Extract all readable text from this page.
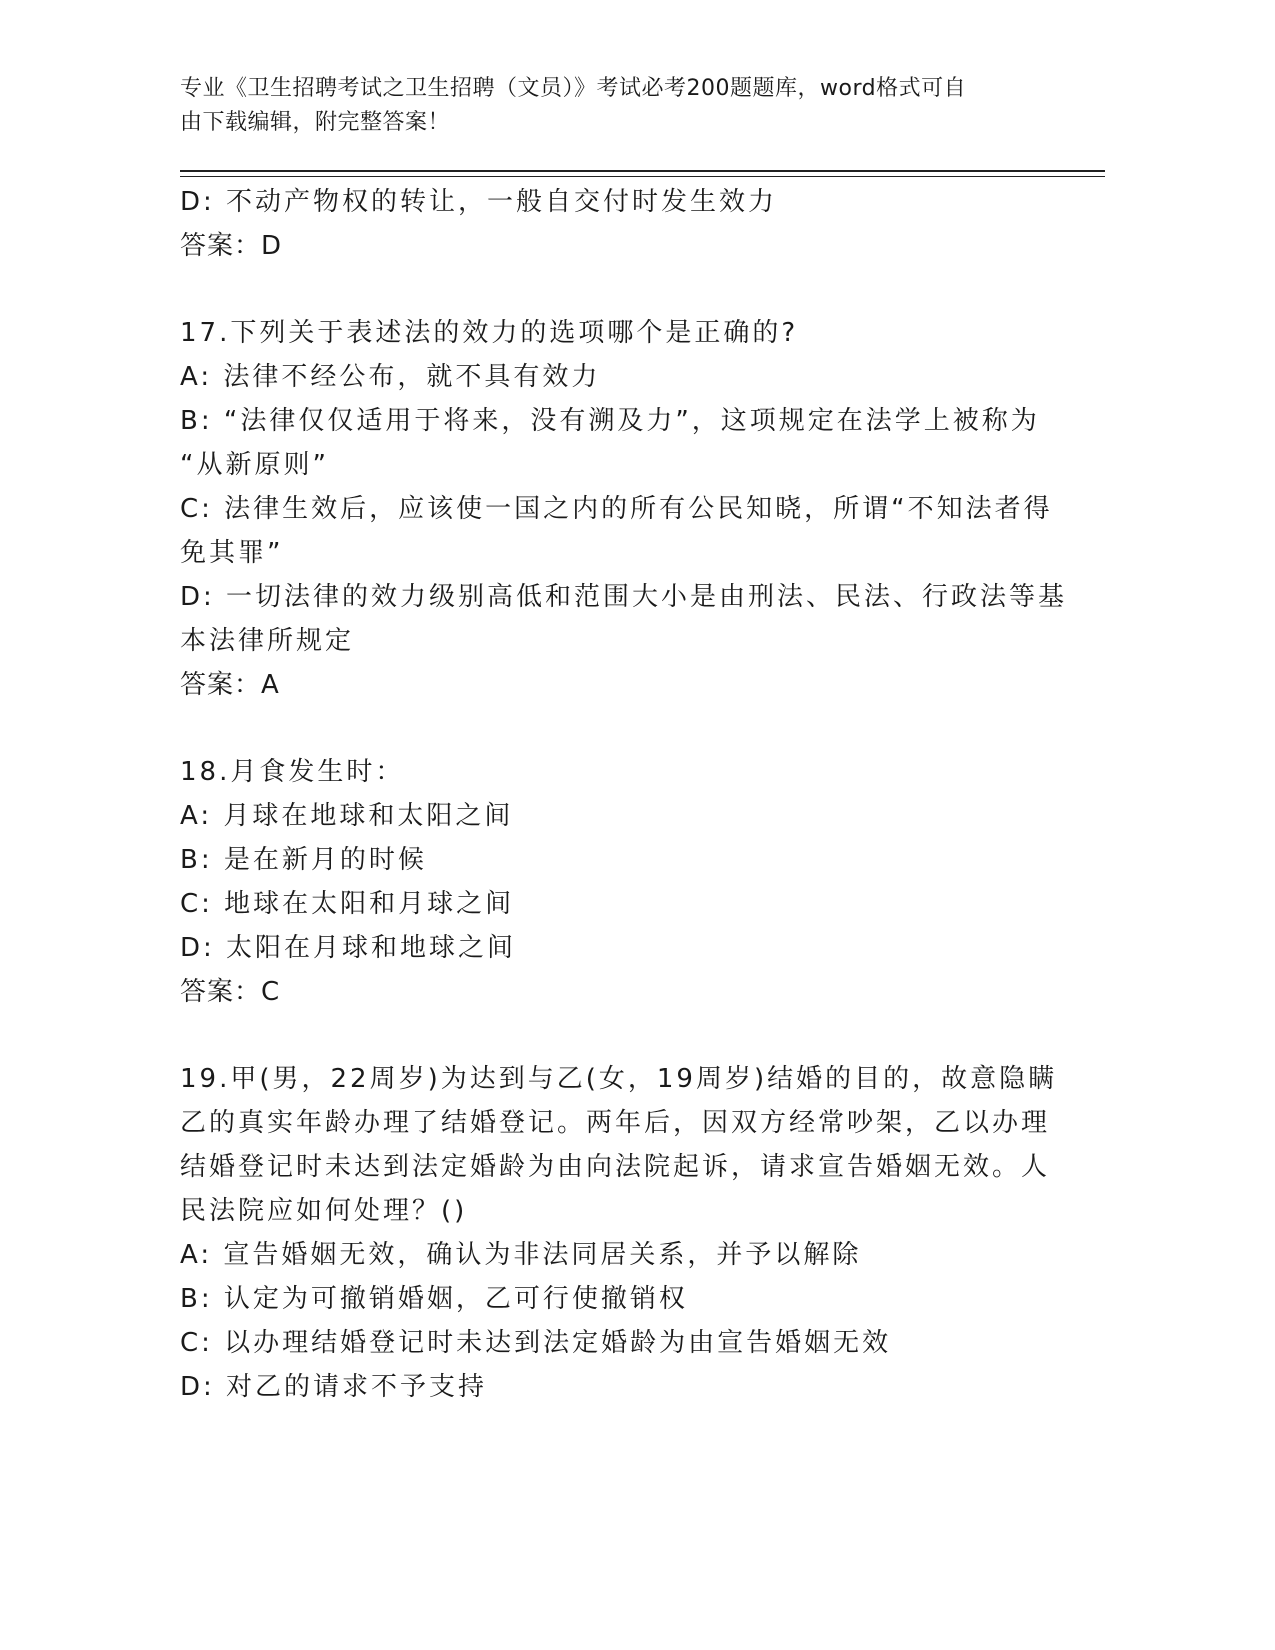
专业《卫生招聘考试之卫生招聘（文员）》考试必考200题题库，word格式可自
由下载编辑，附完整答案！
D: 不动产物权的转让，一般自交付时发生效力
答案：D
17.下列关于表述法的效力的选项哪个是正确的?
A: 法律不经公布，就不具有效力
B: “法律仅仅适用于将来，没有溯及力”，这项规定在法学上被称为
“从新原则”
C: 法律生效后，应该使一国之内的所有公民知晓，所谓“不知法者得
免其罪”
D: 一切法律的效力级别高低和范围大小是由刑法、民法、行政法等基
本法律所规定
答案：A
18.月食发生时：
A: 月球在地球和太阳之间
B: 是在新月的时候
C: 地球在太阳和月球之间
D: 太阳在月球和地球之间
答案：C
19.甲(男，22周岁)为达到与乙(女，19周岁)结婚的目的，故意隐瞒
乙的真实年龄办理了结婚登记。两年后，因双方经常吵架，乙以办理
结婚登记时未达到法定婚龄为由向法院起诉，请求宣告婚姻无效。人
民法院应如何处理？()
A: 宣告婚姻无效，确认为非法同居关系，并予以解除
B: 认定为可撤销婚姻，乙可行使撤销权
C: 以办理结婚登记时未达到法定婚龄为由宣告婚姻无效
D: 对乙的请求不予支持
